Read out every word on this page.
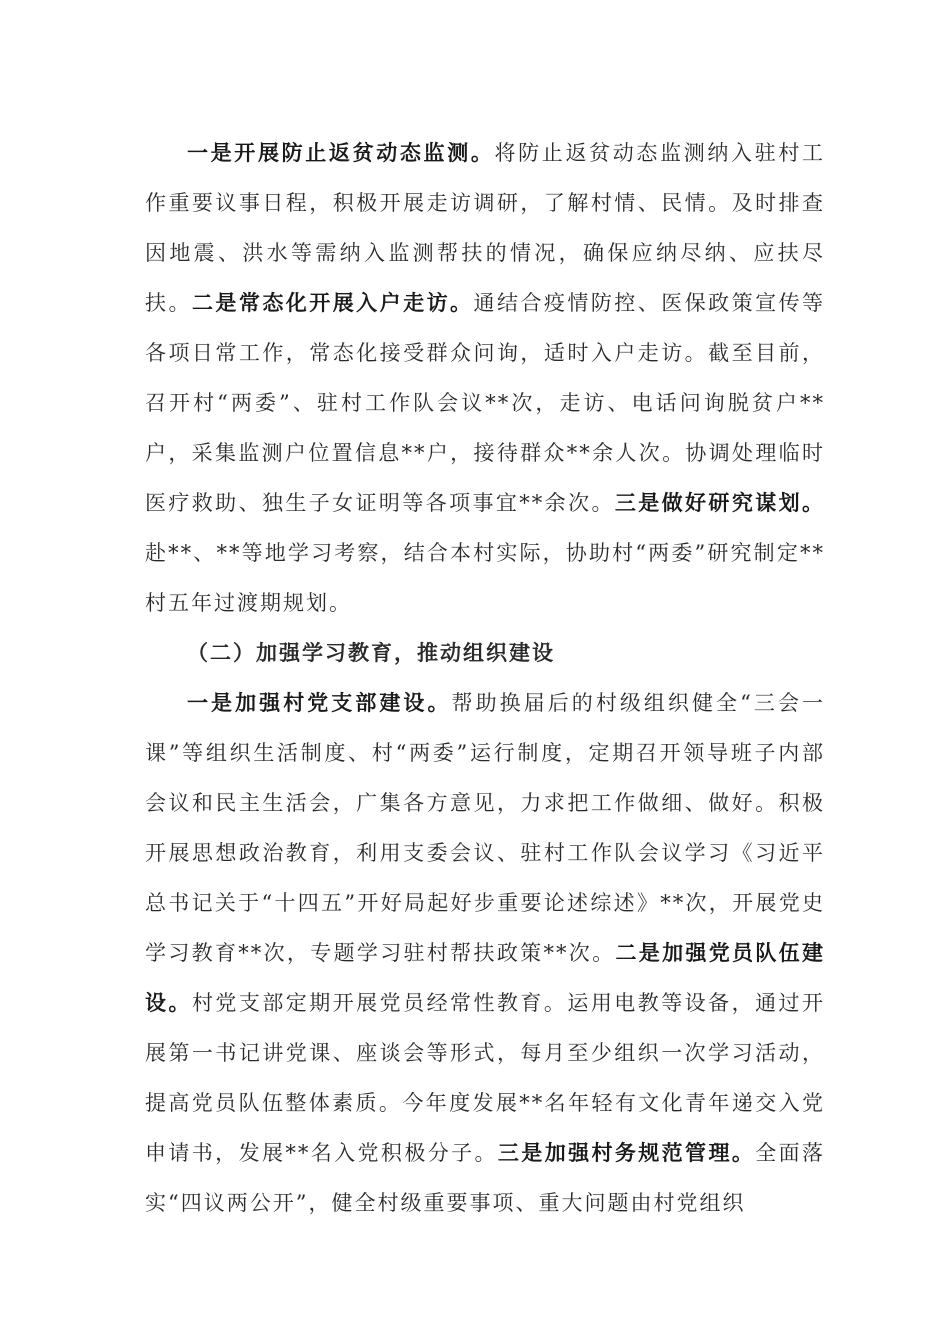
一是开展防止返贫动态监测。将防止返贫动态监测纳入驻村工作重要议事日程，积极开展走访调研，了解村情、民情。及时排查因地震、洪水等需纳入监测帮扶的情况，确保应纳尽纳、应扶尽扶。二是常态化开展入户走访。通结合疫情防控、医保政策宣传等各项日常工作，常态化接受群众问询，适时入户走访。截至目前，召开村“两委”、驻村工作队会议**次，走访、电话问询脱贫户**户，采集监测户位置信息**户，接待群众**余人次。协调处理临时医疗救助、独生子女证明等各项事宜**余次。三是做好研究谋划。赴**、**等地学习考察，结合本村实际，协助村“两委”研究制定**村五年过渡期规划。

（二）加强学习教育，推动组织建设

一是加强村党支部建设。帮助换届后的村级组织健全“三会一课”等组织生活制度、村“两委”运行制度，定期召开领导班子内部会议和民主生活会，广集各方意见，力求把工作做细、做好。积极开展思想政治教育，利用支委会议、驻村工作队会议学习《习近平总书记关于“十四五”开好局起好步重要论述综述》**次，开展党史学习教育**次，专题学习驻村帮扶政策**次。二是加强党员队伍建设。村党支部定期开展党员经常性教育。运用电教等设备，通过开展第一书记讲党课、座谈会等形式，每月至少组织一次学习活动，提高党员队伍整体素质。今年度发展**名年轻有文化青年递交入党申请书，发展**名入党积极分子。三是加强村务规范管理。全面落实“四议两公开”，健全村级重要事项、重大问题由村党组织
